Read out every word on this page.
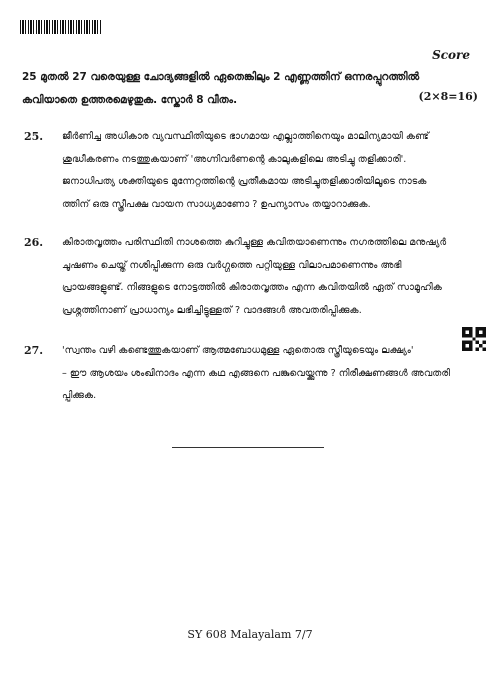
Score
25 മുതൽ 27 വരെയുള്ള ചോദ്യങ്ങളിൽ ഏതെങ്കിലും 2 എണ്ണത്തിന് ഒന്നരപ്പുറത്തിൽ
കവിയാതെ ഉത്തരമെഴുതുക. സ്കോർ 8 വീതം.	(2×8=16)
25. ജീർണിച്ച അധികാര വ്യവസ്ഥിതിയുടെ ഭാഗമായ എല്ലാത്തിനെയും മാലിന്യമായി കണ്ട്

ശുദ്ധീകരണം നടത്തുകയാണ് 'അഗ്നിവർണന്റെ കാലുകളിലെ അടിച്ചു തളിക്കാരി'.

ജനാധിപത്യ ശക്തിയുടെ മുന്നേറ്റത്തിന്റെ പ്രതീകമായ അടിച്ചുതളിക്കാരിയിലൂടെ നാടക

ത്തിന് ഒരു സ്ത്രീപക്ഷ വായന സാധ്യമാണോ ? ഉപന്യാസം തയ്യാറാക്കുക.

26. കിരാതവൃത്തം പരിസ്ഥിതി നാശത്തെ കുറിച്ചുള്ള കവിതയാണെന്നും നഗരത്തിലെ മനുഷ്യർ

ചൂഷണം ചെയ്ത് നശിപ്പിക്കുന്ന ഒരു വർഗ്ഗത്തെ പറ്റിയുള്ള വിലാപമാണെന്നും അഭി

പ്രായങ്ങളുണ്ട്. നിങ്ങളുടെ നോട്ടത്തിൽ കിരാതവൃത്തം എന്ന കവിതയിൽ ഏത് സാമൂഹിക

പ്രശ്നത്തിനാണ് പ്രാധാന്യം ലഭിച്ചിട്ടുള്ളത് ? വാദങ്ങൾ അവതരിപ്പിക്കുക.

27. 'സ്വന്തം വഴി കണ്ടെത്തുകയാണ് ആത്മബോധമുള്ള ഏതൊരു സ്ത്രീയുടെയും ലക്ഷ്യം'

– ഈ ആശയം ശംഖിനാദം എന്ന കഥ എങ്ങനെ പങ്കുവെയ്ക്കുന്നു ? നിരീക്ഷണങ്ങൾ അവതരി

പ്പിക്കുക.

SY 608 Malayalam 7/7
